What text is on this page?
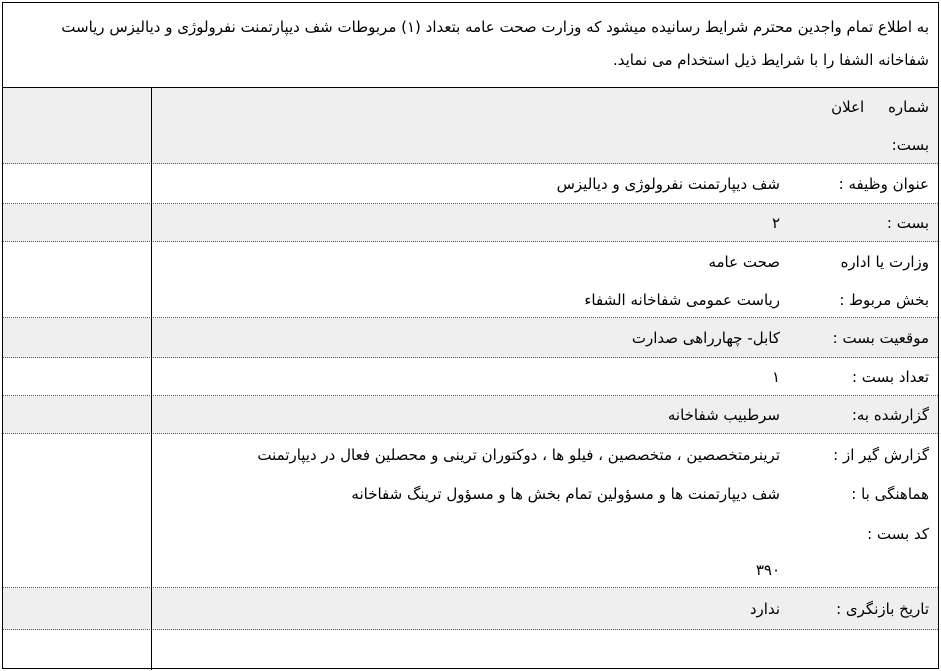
به اطلاع تمام واجدین محترم شرایط رسانیده میشود که وزارت صحت عامه بتعداد (۱) مربوطات شف دیپارتمنت نفرولوژی و دیالیزس ریاست شفاخانه الشفا را با شرایط ذیل استخدام می نماید.
شماره اعلان
بست:
عنوان وظیفه :
شف دیپارتمنت نفرولوژی و دیالیزس
بست :
۲
وزارت یا اداره
صحت عامه
بخش مربوط :
ریاست عمومی شفاخانه الشفاء
موقعیت بست :
کابل- چهارراهی صدارت
تعداد بست :
۱
گزارشده به:
سرطبیب شفاخانه
گزارش گیر از :
ترینرمتخصصین ، متخصصین ، فیلو ها ، دوکتوران ترینی و محصلین فعال در دیپارتمنت
هماهنگی با :
شف دیپارتمنت ها و مسؤولین تمام بخش ها و مسؤول ترینگ شفاخانه
کد بست :
۳۹۰
تاریخ بازنگری :
ندارد
